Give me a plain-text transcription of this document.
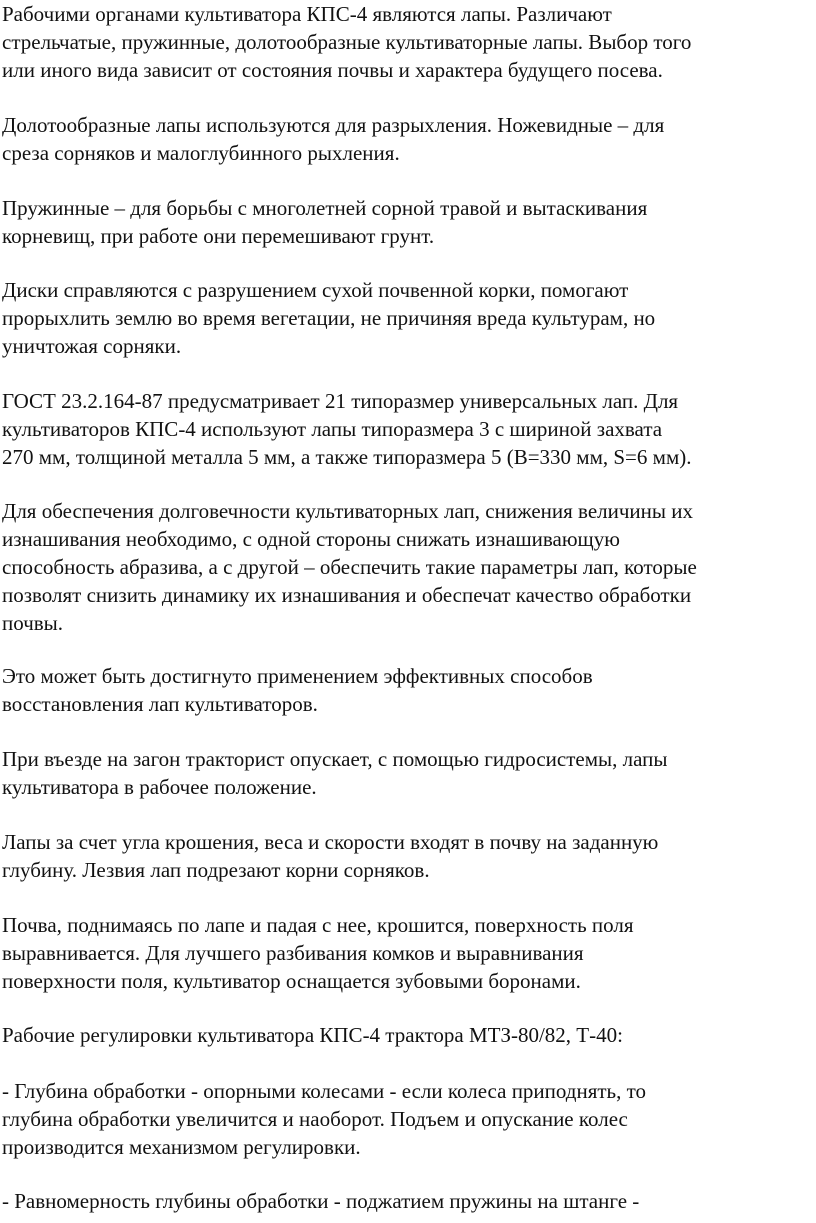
Рабочими органами культиватора КПС-4 являются лапы. Различают
стрельчатые, пружинные, долотообразные культиваторные лапы. Выбор того
или иного вида зависит от состояния почвы и характера будущего посева.

Долотообразные лапы используются для разрыхления. Ножевидные – для
среза сорняков и малоглубинного рыхления.

Пружинные – для борьбы с многолетней сорной травой и вытаскивания
корневищ, при работе они перемешивают грунт.

Диски справляются с разрушением сухой почвенной корки, помогают
прорыхлить землю во время вегетации, не причиняя вреда культурам, но
уничтожая сорняки.

ГОСТ 23.2.164-87 предусматривает 21 типоразмер универсальных лап. Для
культиваторов КПС-4 используют лапы типоразмера 3 с шириной захвата
270 мм, толщиной металла 5 мм, а также типоразмера 5 (В=330 мм, S=6 мм).

Для обеспечения долговечности культиваторных лап, снижения величины их
изнашивания необходимо, с одной стороны снижать изнашивающую
способность абразива, а с другой – обеспечить такие параметры лап, которые
позволят снизить динамику их изнашивания и обеспечат качество обработки
почвы.

Это может быть достигнуто применением эффективных способов
восстановления лап культиваторов.

При въезде на загон тракторист опускает, с помощью гидросистемы, лапы
культиватора в рабочее положение.

Лапы за счет угла крошения, веса и скорости входят в почву на заданную
глубину. Лезвия лап подрезают корни сорняков.

Почва, поднимаясь по лапе и падая с нее, крошится, поверхность поля
выравнивается. Для лучшего разбивания комков и выравнивания
поверхности поля, культиватор оснащается зубовыми боронами.

Рабочие регулировки культиватора КПС-4 трактора МТЗ-80/82, Т-40:

- Глубина обработки - опорными колесами - если колеса приподнять, то
глубина обработки увеличится и наоборот. Подъем и опускание колес
производится механизмом регулировки.

- Равномерность глубины обработки - поджатием пружины на штанге -
